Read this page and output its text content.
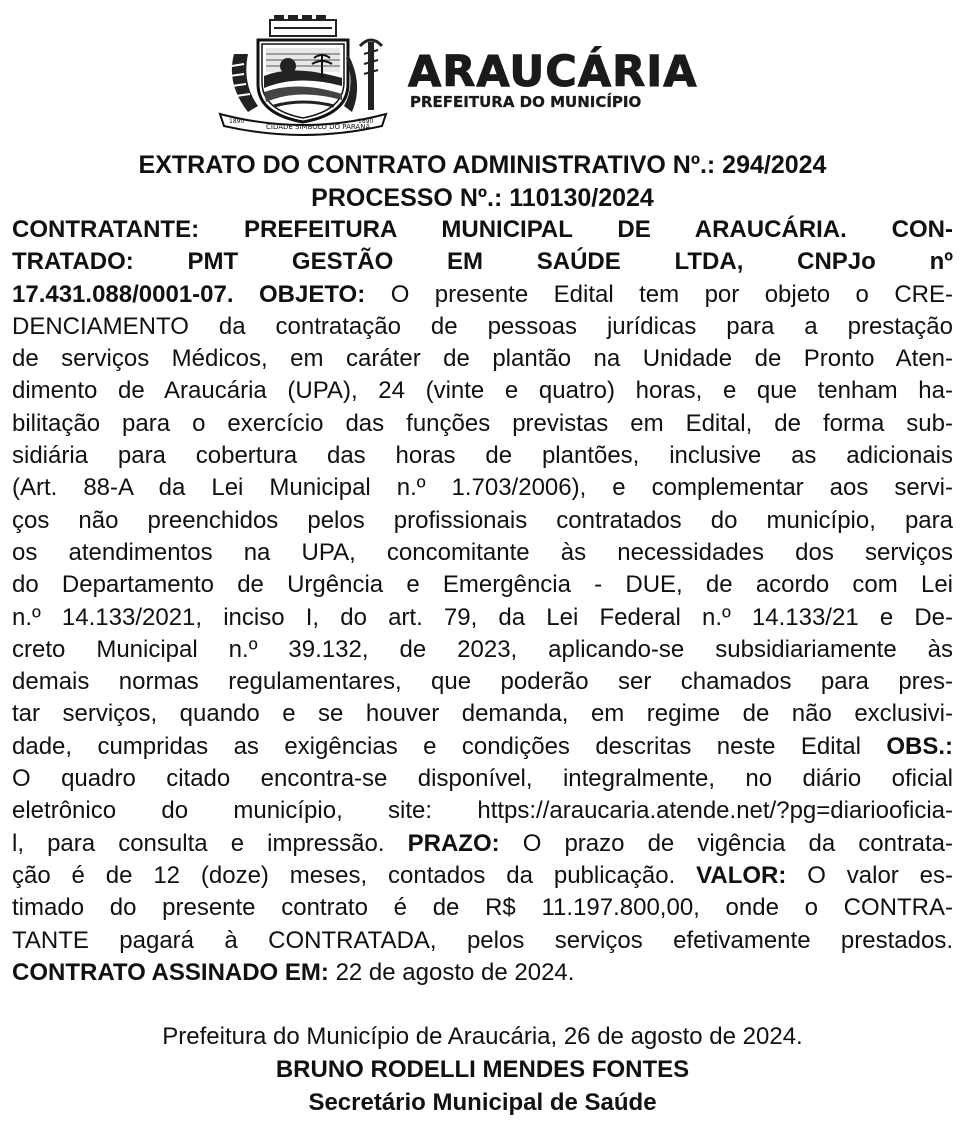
1890
CIDADE SÍMBOLO DO PARANÁ
1890
ARAUCÁRIA
PREFEITURA DO MUNICÍPIO
EXTRATO DO CONTRATO ADMINISTRATIVO Nº.: 294/2024
PROCESSO Nº.: 110130/2024
CONTRATANTE: PREFEITURA MUNICIPAL DE ARAUCÁRIA. CON-
TRATADO: PMT GESTÃO EM SAÚDE LTDA, CNPJo nº
17.431.088/0001-07. OBJETO: O presente Edital tem por objeto o CRE-
DENCIAMENTO da contratação de pessoas jurídicas para a prestação
de serviços Médicos, em caráter de plantão na Unidade de Pronto Aten-
dimento de Araucária (UPA), 24 (vinte e quatro) horas, e que tenham ha-
bilitação para o exercício das funções previstas em Edital, de forma sub-
sidiária para cobertura das horas de plantões, inclusive as adicionais
(Art. 88-A da Lei Municipal n.º 1.703/2006), e complementar aos servi-
ços não preenchidos pelos profissionais contratados do município, para
os atendimentos na UPA, concomitante às necessidades dos serviços
do Departamento de Urgência e Emergência - DUE, de acordo com Lei
n.º 14.133/2021, inciso I, do art. 79, da Lei Federal n.º 14.133/21 e De-
creto Municipal n.º 39.132, de 2023, aplicando-se subsidiariamente às
demais normas regulamentares, que poderão ser chamados para pres-
tar serviços, quando e se houver demanda, em regime de não exclusivi-
dade, cumpridas as exigências e condições descritas neste Edital OBS.:
O quadro citado encontra-se disponível, integralmente, no diário oficial
eletrônico do município, site: https://araucaria.atende.net/?pg=diariooficia-
l, para consulta e impressão. PRAZO: O prazo de vigência da contrata-
ção é de 12 (doze) meses, contados da publicação. VALOR: O valor es-
timado do presente contrato é de R$ 11.197.800,00, onde o CONTRA-
TANTE pagará à CONTRATADA, pelos serviços efetivamente prestados.
CONTRATO ASSINADO EM: 22 de agosto de 2024.
Prefeitura do Município de Araucária, 26 de agosto de 2024.
BRUNO RODELLI MENDES FONTES
Secretário Municipal de Saúde
